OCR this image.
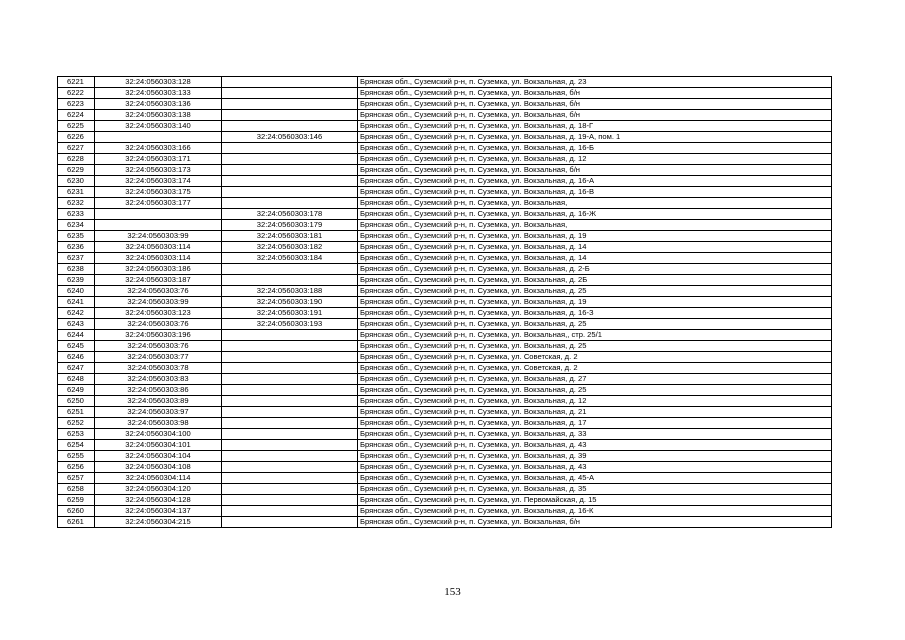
6221	32:24:0560303:128		Брянская обл., Суземский р-н, п. Суземка, ул. Вокзальная, д. 23
6222	32:24:0560303:133		Брянская обл., Суземский р-н, п. Суземка, ул. Вокзальная, б/н
6223	32:24:0560303:136		Брянская обл., Суземский р-н, п. Суземка, ул. Вокзальная, б/н
6224	32:24:0560303:138		Брянская обл., Суземский р-н, п. Суземка, ул. Вокзальная, б/н
6225	32:24:0560303:140		Брянская обл., Суземский р-н, п. Суземка, ул. Вокзальная, д. 18-Г
6226		32:24:0560303:146	Брянская обл., Суземский р-н, п. Суземка, ул. Вокзальная, д. 19-А, пом. 1
6227	32:24:0560303:166		Брянская обл., Суземский р-н, п. Суземка, ул. Вокзальная, д. 16-Б
6228	32:24:0560303:171		Брянская обл., Суземский р-н, п. Суземка, ул. Вокзальная, д. 12
6229	32:24:0560303:173		Брянская обл., Суземский р-н, п. Суземка, ул. Вокзальная, б/н
6230	32:24:0560303:174		Брянская обл., Суземский р-н, п. Суземка, ул. Вокзальная, д. 16-А
6231	32:24:0560303:175		Брянская обл., Суземский р-н, п. Суземка, ул. Вокзальная, д. 16-В
6232	32:24:0560303:177		Брянская обл., Суземский р-н, п. Суземка, ул. Вокзальная,
6233		32:24:0560303:178	Брянская обл., Суземский р-н, п. Суземка, ул. Вокзальная, д. 16-Ж
6234		32:24:0560303:179	Брянская обл., Суземский р-н, п. Суземка, ул. Вокзальная,
6235	32:24:0560303:99	32:24:0560303:181	Брянская обл., Суземский р-н, п. Суземка, ул. Вокзальная, д. 19
6236	32:24:0560303:114	32:24:0560303:182	Брянская обл., Суземский р-н, п. Суземка, ул. Вокзальная, д. 14
6237	32:24:0560303:114	32:24:0560303:184	Брянская обл., Суземский р-н, п. Суземка, ул. Вокзальная, д. 14
6238	32:24:0560303:186		Брянская обл., Суземский р-н, п. Суземка, ул. Вокзальная, д. 2-Б
6239	32:24:0560303:187		Брянская обл., Суземский р-н, п. Суземка, ул. Вокзальная, д. 2Б
6240	32:24:0560303:76	32:24:0560303:188	Брянская обл., Суземский р-н, п. Суземка, ул. Вокзальная, д. 25
6241	32:24:0560303:99	32:24:0560303:190	Брянская обл., Суземский р-н, п. Суземка, ул. Вокзальная, д. 19
6242	32:24:0560303:123	32:24:0560303:191	Брянская обл., Суземский р-н, п. Суземка, ул. Вокзальная, д. 16-З
6243	32:24:0560303:76	32:24:0560303:193	Брянская обл., Суземский р-н, п. Суземка, ул. Вокзальная, д. 25
6244	32:24:0560303:196		Брянская обл., Суземский р-н, п. Суземка, ул. Вокзальная,, стр. 25/1
6245	32:24:0560303:76		Брянская обл., Суземский р-н, п. Суземка, ул. Вокзальная, д. 25
6246	32:24:0560303:77		Брянская обл., Суземский р-н, п. Суземка, ул. Советская, д. 2
6247	32:24:0560303:78		Брянская обл., Суземский р-н, п. Суземка, ул. Советская, д. 2
6248	32:24:0560303:83		Брянская обл., Суземский р-н, п. Суземка, ул. Вокзальная, д. 27
6249	32:24:0560303:86		Брянская обл., Суземский р-н, п. Суземка, ул. Вокзальная, д. 25
6250	32:24:0560303:89		Брянская обл., Суземский р-н, п. Суземка, ул. Вокзальная, д. 12
6251	32:24:0560303:97		Брянская обл., Суземский р-н, п. Суземка, ул. Вокзальная, д. 21
6252	32:24:0560303:98		Брянская обл., Суземский р-н, п. Суземка, ул. Вокзальная, д. 17
6253	32:24:0560304:100		Брянская обл., Суземский р-н, п. Суземка, ул. Вокзальная, д. 33
6254	32:24:0560304:101		Брянская обл., Суземский р-н, п. Суземка, ул. Вокзальная, д. 43
6255	32:24:0560304:104		Брянская обл., Суземский р-н, п. Суземка, ул. Вокзальная, д. 39
6256	32:24:0560304:108		Брянская обл., Суземский р-н, п. Суземка, ул. Вокзальная, д. 43
6257	32:24:0560304:114		Брянская обл., Суземский р-н, п. Суземка, ул. Вокзальная, д. 45-А
6258	32:24:0560304:120		Брянская обл., Суземский р-н, п. Суземка, ул. Вокзальная, д. 35
6259	32:24:0560304:128		Брянская обл., Суземский р-н, п. Суземка, ул. Первомайская, д. 15
6260	32:24:0560304:137		Брянская обл., Суземский р-н, п. Суземка, ул. Вокзальная, д. 16-К
6261	32:24:0560304:215		Брянская обл., Суземский р-н, п. Суземка, ул. Вокзальная, б/н
153
